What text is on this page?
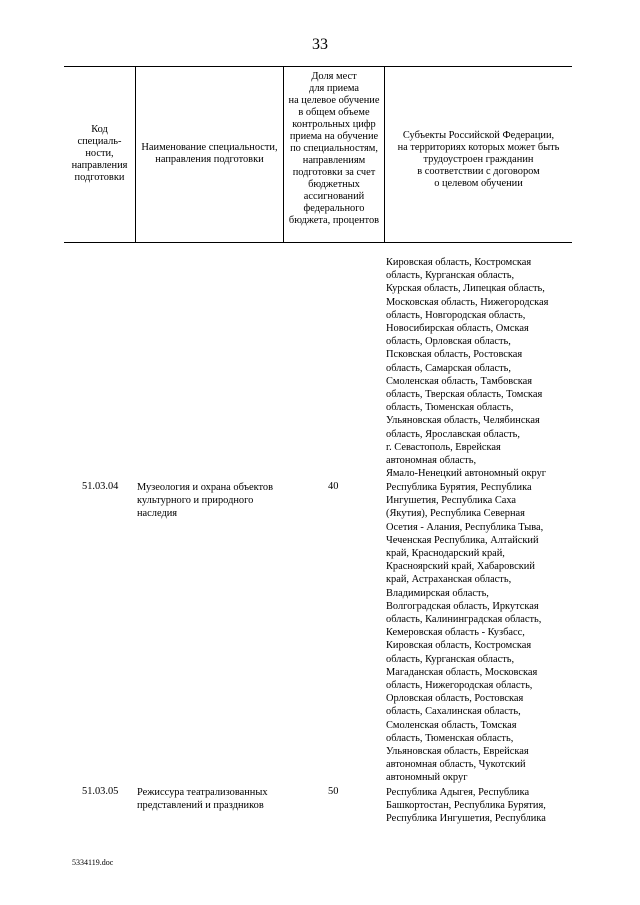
33
Код
специаль-
ности,
направления
подготовки
Наименование специальности,
направления подготовки
Доля мест
для приема
на целевое обучение
в общем объеме
контрольных цифр
приема на обучение
по специальностям,
направлениям
подготовки за счет
бюджетных
ассигнований
федерального
бюджета, процентов
Субъекты Российской Федерации,
на территориях которых может быть
трудоустроен гражданин
в соответствии с договором
о целевом обучении
Кировская область, Костромская
область, Курганская область,
Курская область, Липецкая область,
Московская область, Нижегородская
область, Новгородская область,
Новосибирская область, Омская
область, Орловская область,
Псковская область, Ростовская
область, Самарская область,
Смоленская область, Тамбовская
область, Тверская область, Томская
область, Тюменская область,
Ульяновская область, Челябинская
область, Ярославская область,
г. Севастополь, Еврейская
автономная область,
Ямало-Ненецкий автономный округ
51.03.04 Музеология и охрана объектов
культурного и природного
наследия
40	Республика Бурятия, Республика
Ингушетия, Республика Саха
(Якутия), Республика Северная
Осетия - Алания, Республика Тыва,
Чеченская Республика, Алтайский
край, Краснодарский край,
Красноярский край, Хабаровский
край, Астраханская область,
Владимирская область,
Волгоградская область, Иркутская
область, Калининградская область,
Кемеровская область - Кузбасс,
Кировская область, Костромская
область, Курганская область,
Магаданская область, Московская
область, Нижегородская область,
Орловская область, Ростовская
область, Сахалинская область,
Смоленская область, Томская
область, Тюменская область,
Ульяновская область, Еврейская
автономная область, Чукотский
автономный округ
51.03.05 Режиссура театрализованных
представлений и праздников
50	Республика Адыгея, Республика
Башкортостан, Республика Бурятия,
Республика Ингушетия, Республика
5334119.doc
